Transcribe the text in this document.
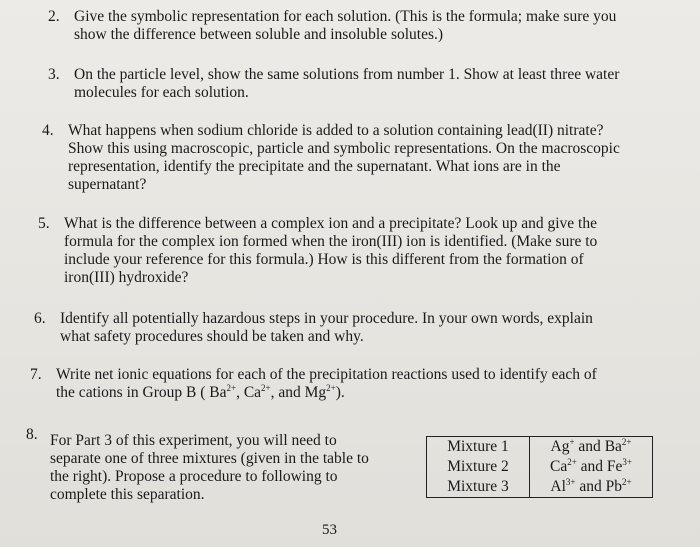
2. Give the symbolic representation for each solution. (This is the formula; make sure you
show the difference between soluble and insoluble solutes.)
3. On the particle level, show the same solutions from number 1. Show at least three water
molecules for each solution.
4. What happens when sodium chloride is added to a solution containing lead(II) nitrate?
Show this using macroscopic, particle and symbolic representations. On the macroscopic
representation, identify the precipitate and the supernatant. What ions are in the
supernatant?
5. What is the difference between a complex ion and a precipitate? Look up and give the
formula for the complex ion formed when the iron(III) ion is identified. (Make sure to
include your reference for this formula.) How is this different from the formation of
iron(III) hydroxide?
6. Identify all potentially hazardous steps in your procedure. In your own words, explain
what safety procedures should be taken and why.
7. Write net ionic equations for each of the precipitation reactions used to identify each of
the cations in Group B ( $Ba^{2+}$, $Ca^{2+}$, and $Mg^{2+}$).
8. For Part 3 of this experiment, you will need to
separate one of three mixtures (given in the table to
the right). Propose a procedure to following to
complete this separation.
Mixture 1	Ag+ and $Ba^{2+}$
Mixture 2	$Ca^{2+}$ and $Fe^{3+}$
Mixture 3	$Al^{3+}$ and $Pb^{2+}$
53
